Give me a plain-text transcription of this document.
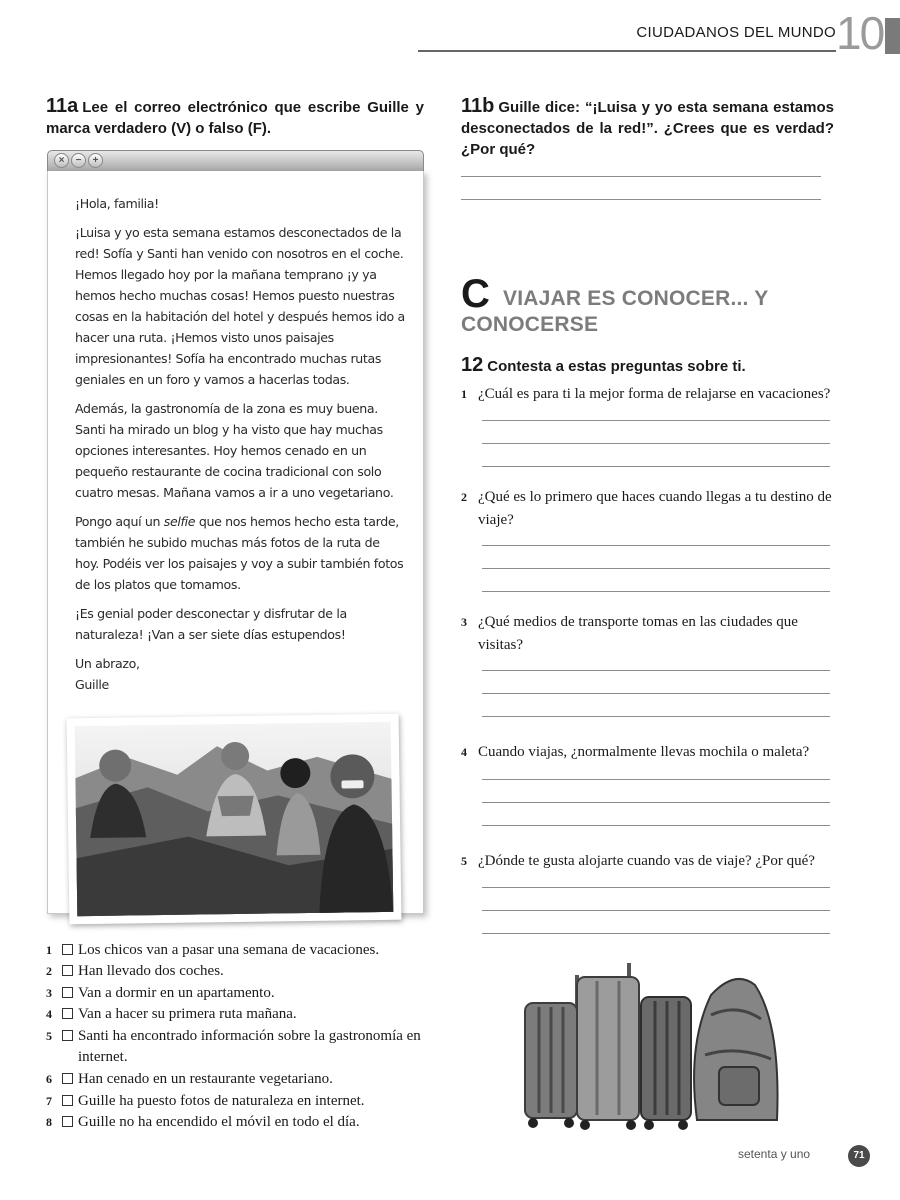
CIUDADANOS DEL MUNDO 10
11a Lee el correo electrónico que escribe Guille y marca verdadero (V) o falso (F).
×	−	+

¡Hola, familia!

¡Luisa y yo esta semana estamos desconectados de la red! Sofía y Santi han venido con nosotros en el coche. Hemos llegado hoy por la mañana temprano ¡y ya hemos hecho muchas cosas! Hemos puesto nuestras cosas en la habitación del hotel y después hemos ido a hacer una ruta. ¡Hemos visto unos paisajes impresionantes! Sofía ha encontrado muchas rutas geniales en un foro y vamos a hacerlas todas.

Además, la gastronomía de la zona es muy buena. Santi ha mirado un blog y ha visto que hay muchas opciones interesantes. Hoy hemos cenado en un pequeño restaurante de cocina tradicional con solo cuatro mesas. Mañana vamos a ir a uno vegetariano.

Pongo aquí un selfie que nos hemos hecho esta tarde, también he subido muchas más fotos de la ruta de hoy. Podéis ver los paisajes y voy a subir también fotos de los platos que tomamos.

¡Es genial poder desconectar y disfrutar de la naturaleza! ¡Van a ser siete días estupendos!

Un abrazo,
Guille
1 Los chicos van a pasar una semana de vacaciones.
2 Han llevado dos coches.
3 Van a dormir en un apartamento.
4 Van a hacer su primera ruta mañana.
5 Santi ha encontrado información sobre la gastronomía en internet.
6 Han cenado en un restaurante vegetariano.
7 Guille ha puesto fotos de naturaleza en internet.
8 Guille no ha encendido el móvil en todo el día.
11b Guille dice: “¡Luisa y yo esta semana estamos desconectados de la red!”. ¿Crees que es verdad? ¿Por qué?
C VIAJAR ES CONOCER... Y CONOCERSE
12 Contesta a estas preguntas sobre ti.
1 ¿Cuál es para ti la mejor forma de relajarse en vacaciones?
2 ¿Qué es lo primero que haces cuando llegas a tu destino de viaje?
3 ¿Qué medios de transporte tomas en las ciudades que visitas?
4 Cuando viajas, ¿normalmente llevas mochila o maleta?
5 ¿Dónde te gusta alojarte cuando vas de viaje? ¿Por qué?
setenta y uno	71
